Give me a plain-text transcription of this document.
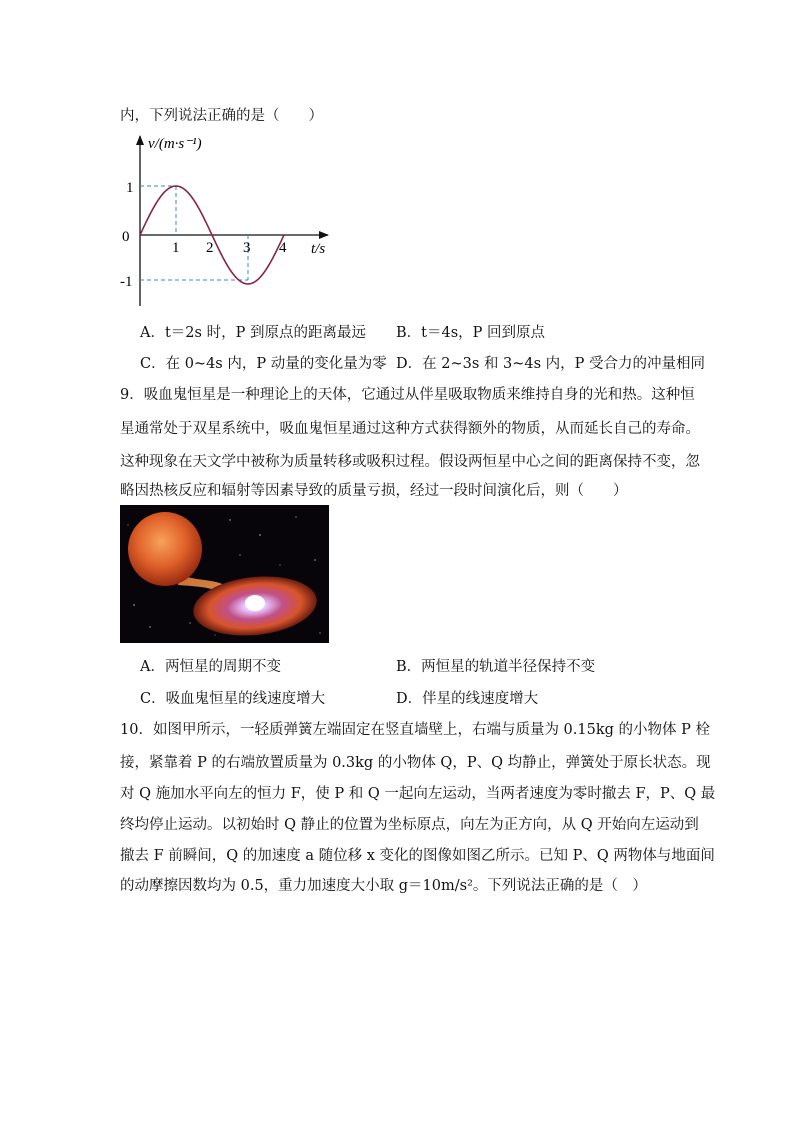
内，下列说法正确的是（　　）
v/(m·s⁻¹)
t/s
0
1
-1
1 2 3 4
A．t＝2s 时，P 到原点的距离最远 B．t＝4s，P 回到原点
C．在 0~4s 内，P 动量的变化量为零 D．在 2~3s 和 3~4s 内，P 受合力的冲量相同
9．吸血鬼恒星是一种理论上的天体，它通过从伴星吸取物质来维持自身的光和热。这种恒
星通常处于双星系统中，吸血鬼恒星通过这种方式获得额外的物质，从而延长自己的寿命。
这种现象在天文学中被称为质量转移或吸积过程。假设两恒星中心之间的距离保持不变，忽
略因热核反应和辐射等因素导致的质量亏损，经过一段时间演化后，则（　　）
A．两恒星的周期不变	B．两恒星的轨道半径保持不变
C．吸血鬼恒星的线速度增大	D．伴星的线速度增大
10．如图甲所示，一轻质弹簧左端固定在竖直墙壁上，右端与质量为 0.15kg 的小物体 P 栓
接，紧靠着 P 的右端放置质量为 0.3kg 的小物体 Q，P、Q 均静止，弹簧处于原长状态。现
对 Q 施加水平向左的恒力 F，使 P 和 Q 一起向左运动，当两者速度为零时撤去 F，P、Q 最
终均停止运动。以初始时 Q 静止的位置为坐标原点，向左为正方向，从 Q 开始向左运动到
撤去 F 前瞬间，Q 的加速度 a 随位移 x 变化的图像如图乙所示。已知 P、Q 两物体与地面间
的动摩擦因数均为 0.5，重力加速度大小取 g＝10m/s²。下列说法正确的是（　）
